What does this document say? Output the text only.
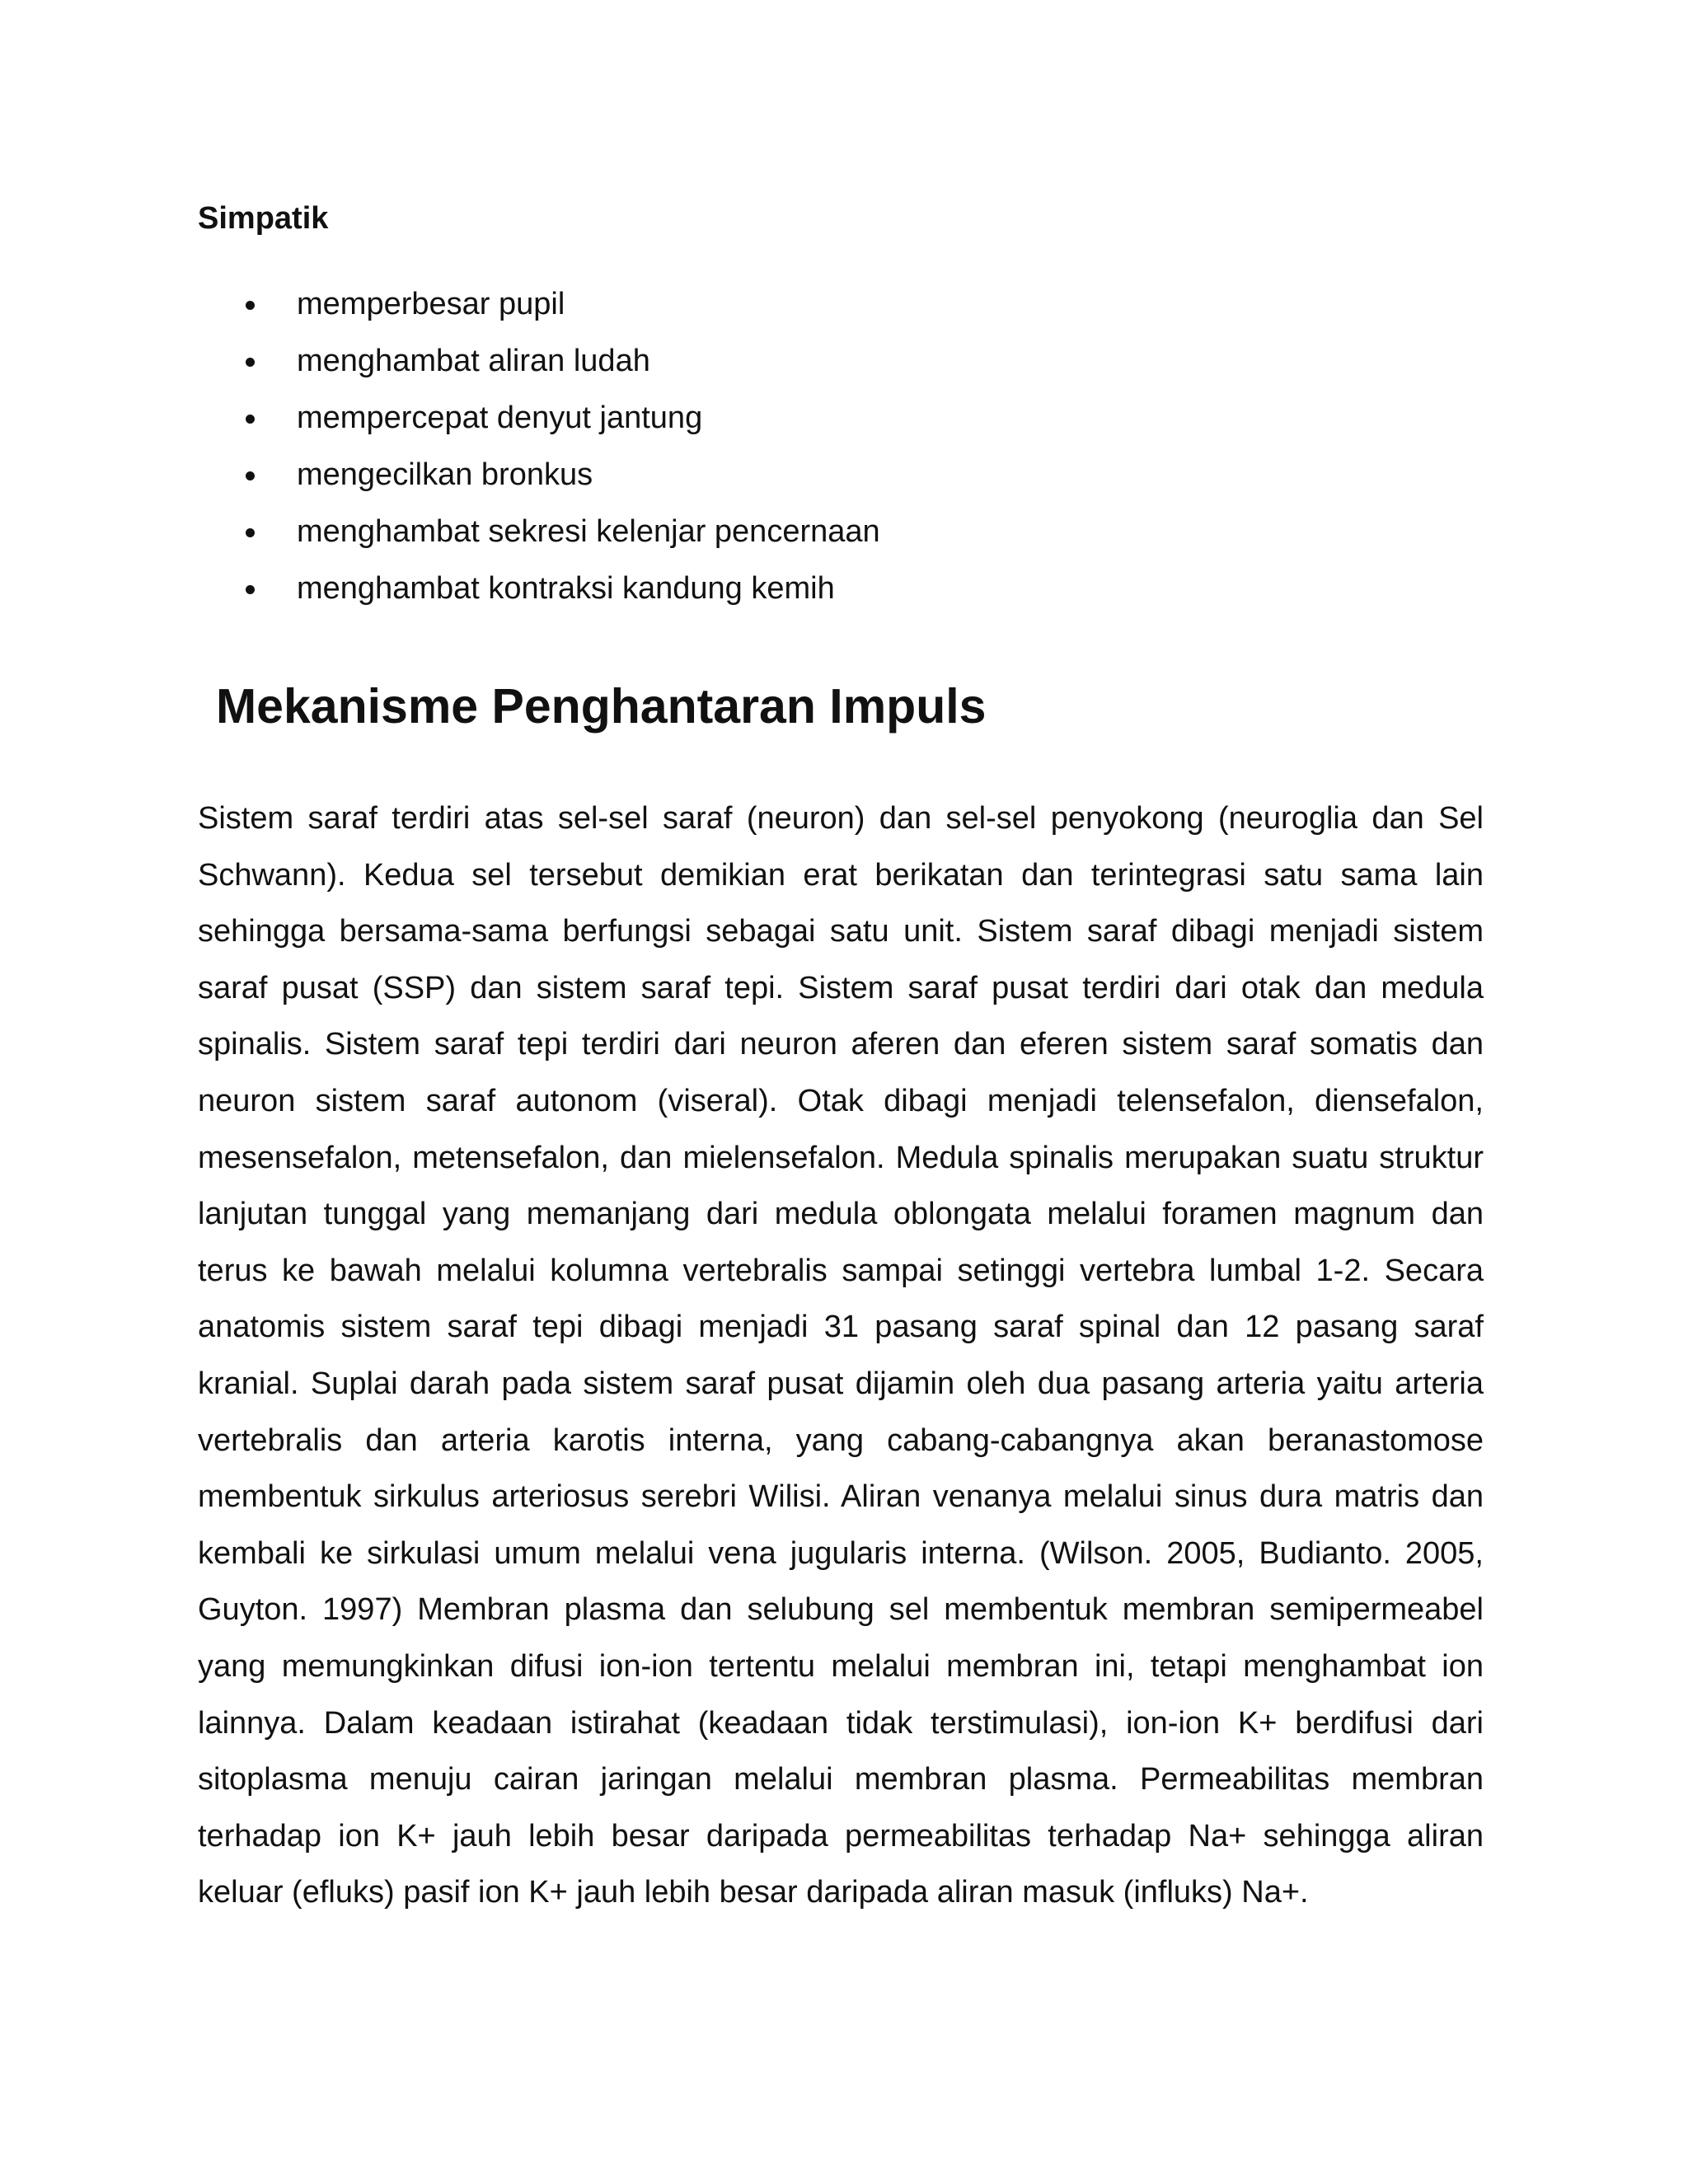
Simpatik
memperbesar pupil
menghambat aliran ludah
mempercepat denyut jantung
mengecilkan bronkus
menghambat sekresi kelenjar pencernaan
menghambat kontraksi kandung kemih
Mekanisme Penghantaran Impuls

Sistem saraf terdiri atas sel-sel saraf (neuron) dan sel-sel penyokong (neuroglia dan Sel Schwann). Kedua sel tersebut demikian erat berikatan dan terintegrasi satu sama lain sehingga bersama-sama berfungsi sebagai satu unit. Sistem saraf dibagi menjadi sistem saraf pusat (SSP) dan sistem saraf tepi. Sistem saraf pusat terdiri dari otak dan medula spinalis. Sistem saraf tepi terdiri dari neuron aferen dan eferen sistem saraf somatis dan neuron sistem saraf autonom (viseral). Otak dibagi menjadi telensefalon, diensefalon, mesensefalon, metensefalon, dan mielensefalon. Medula spinalis merupakan suatu struktur lanjutan tunggal yang memanjang dari medula oblongata melalui foramen magnum dan terus ke bawah melalui kolumna vertebralis sampai setinggi vertebra lumbal 1-2. Secara anatomis sistem saraf tepi dibagi menjadi 31 pasang saraf spinal dan 12 pasang saraf kranial. Suplai darah pada sistem saraf pusat dijamin oleh dua pasang arteria yaitu arteria vertebralis dan arteria karotis interna, yang cabang-cabangnya akan beranastomose membentuk sirkulus arteriosus serebri Wilisi. Aliran venanya melalui sinus dura matris dan kembali ke sirkulasi umum melalui vena jugularis interna. (Wilson. 2005, Budianto. 2005, Guyton. 1997) Membran plasma dan selubung sel membentuk membran semipermeabel yang memungkinkan difusi ion-ion tertentu melalui membran ini, tetapi menghambat ion lainnya. Dalam keadaan istirahat (keadaan tidak terstimulasi), ion-ion K+ berdifusi dari sitoplasma menuju cairan jaringan melalui membran plasma. Permeabilitas membran terhadap ion K+ jauh lebih besar daripada permeabilitas terhadap Na+ sehingga aliran keluar (efluks) pasif ion K+ jauh lebih besar daripada aliran masuk (influks) Na+.
